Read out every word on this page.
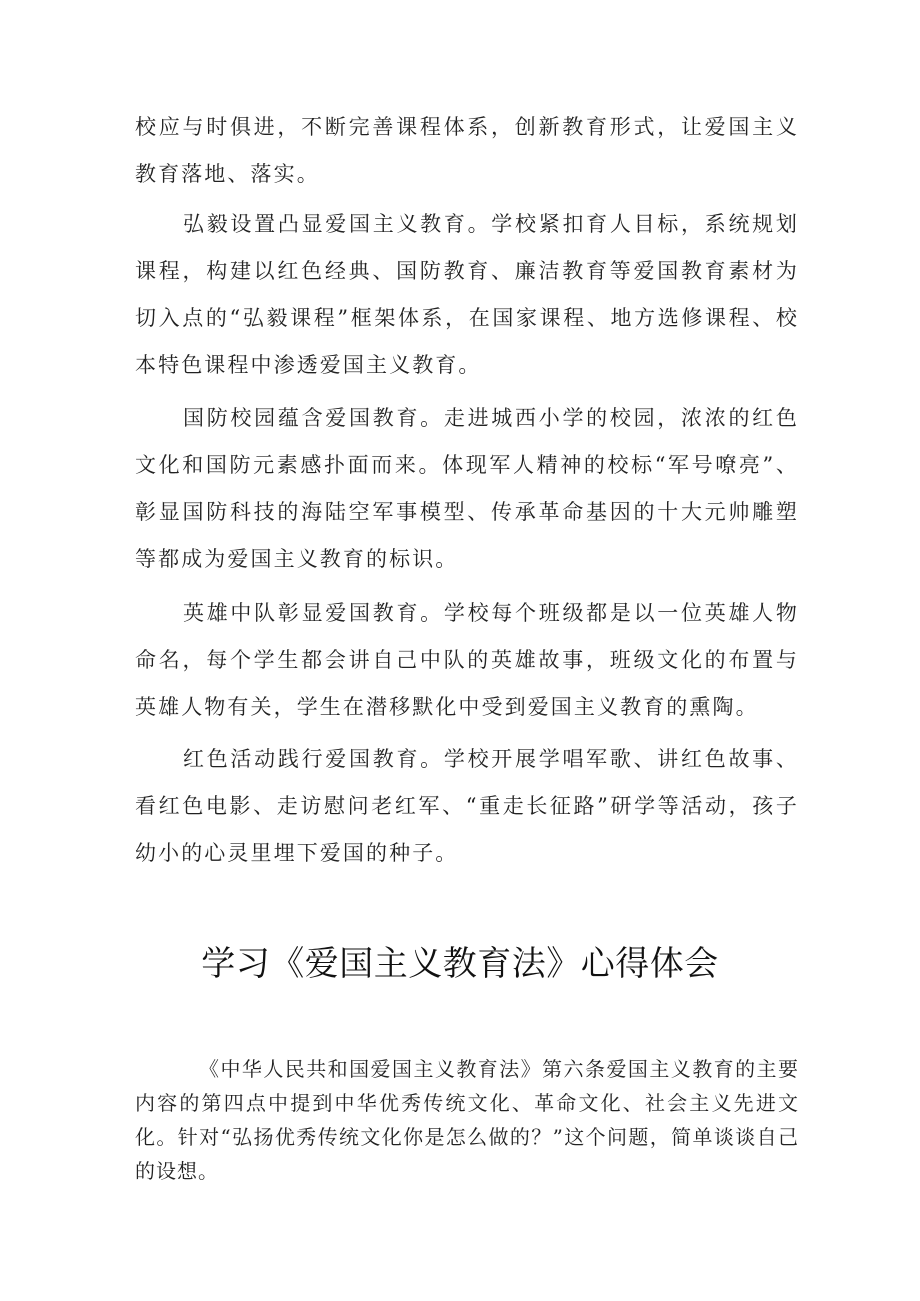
校应与时俱进，不断完善课程体系，创新教育形式，让爱国主义教育落地、落实。

弘毅设置凸显爱国主义教育。学校紧扣育人目标，系统规划课程，构建以红色经典、国防教育、廉洁教育等爱国教育素材为切入点的“弘毅课程”框架体系，在国家课程、地方选修课程、校本特色课程中渗透爱国主义教育。

国防校园蕴含爱国教育。走进城西小学的校园，浓浓的红色文化和国防元素感扑面而来。体现军人精神的校标“军号嘹亮”、彰显国防科技的海陆空军事模型、传承革命基因的十大元帅雕塑等都成为爱国主义教育的标识。

英雄中队彰显爱国教育。学校每个班级都是以一位英雄人物命名，每个学生都会讲自己中队的英雄故事，班级文化的布置与英雄人物有关，学生在潜移默化中受到爱国主义教育的熏陶。

红色活动践行爱国教育。学校开展学唱军歌、讲红色故事、看红色电影、走访慰问老红军、“重走长征路”研学等活动，孩子幼小的心灵里埋下爱国的种子。

学习《爱国主义教育法》心得体会

《中华人民共和国爱国主义教育法》第六条爱国主义教育的主要内容的第四点中提到中华优秀传统文化、革命文化、社会主义先进文化。针对“弘扬优秀传统文化你是怎么做的？”这个问题，简单谈谈自己的设想。
